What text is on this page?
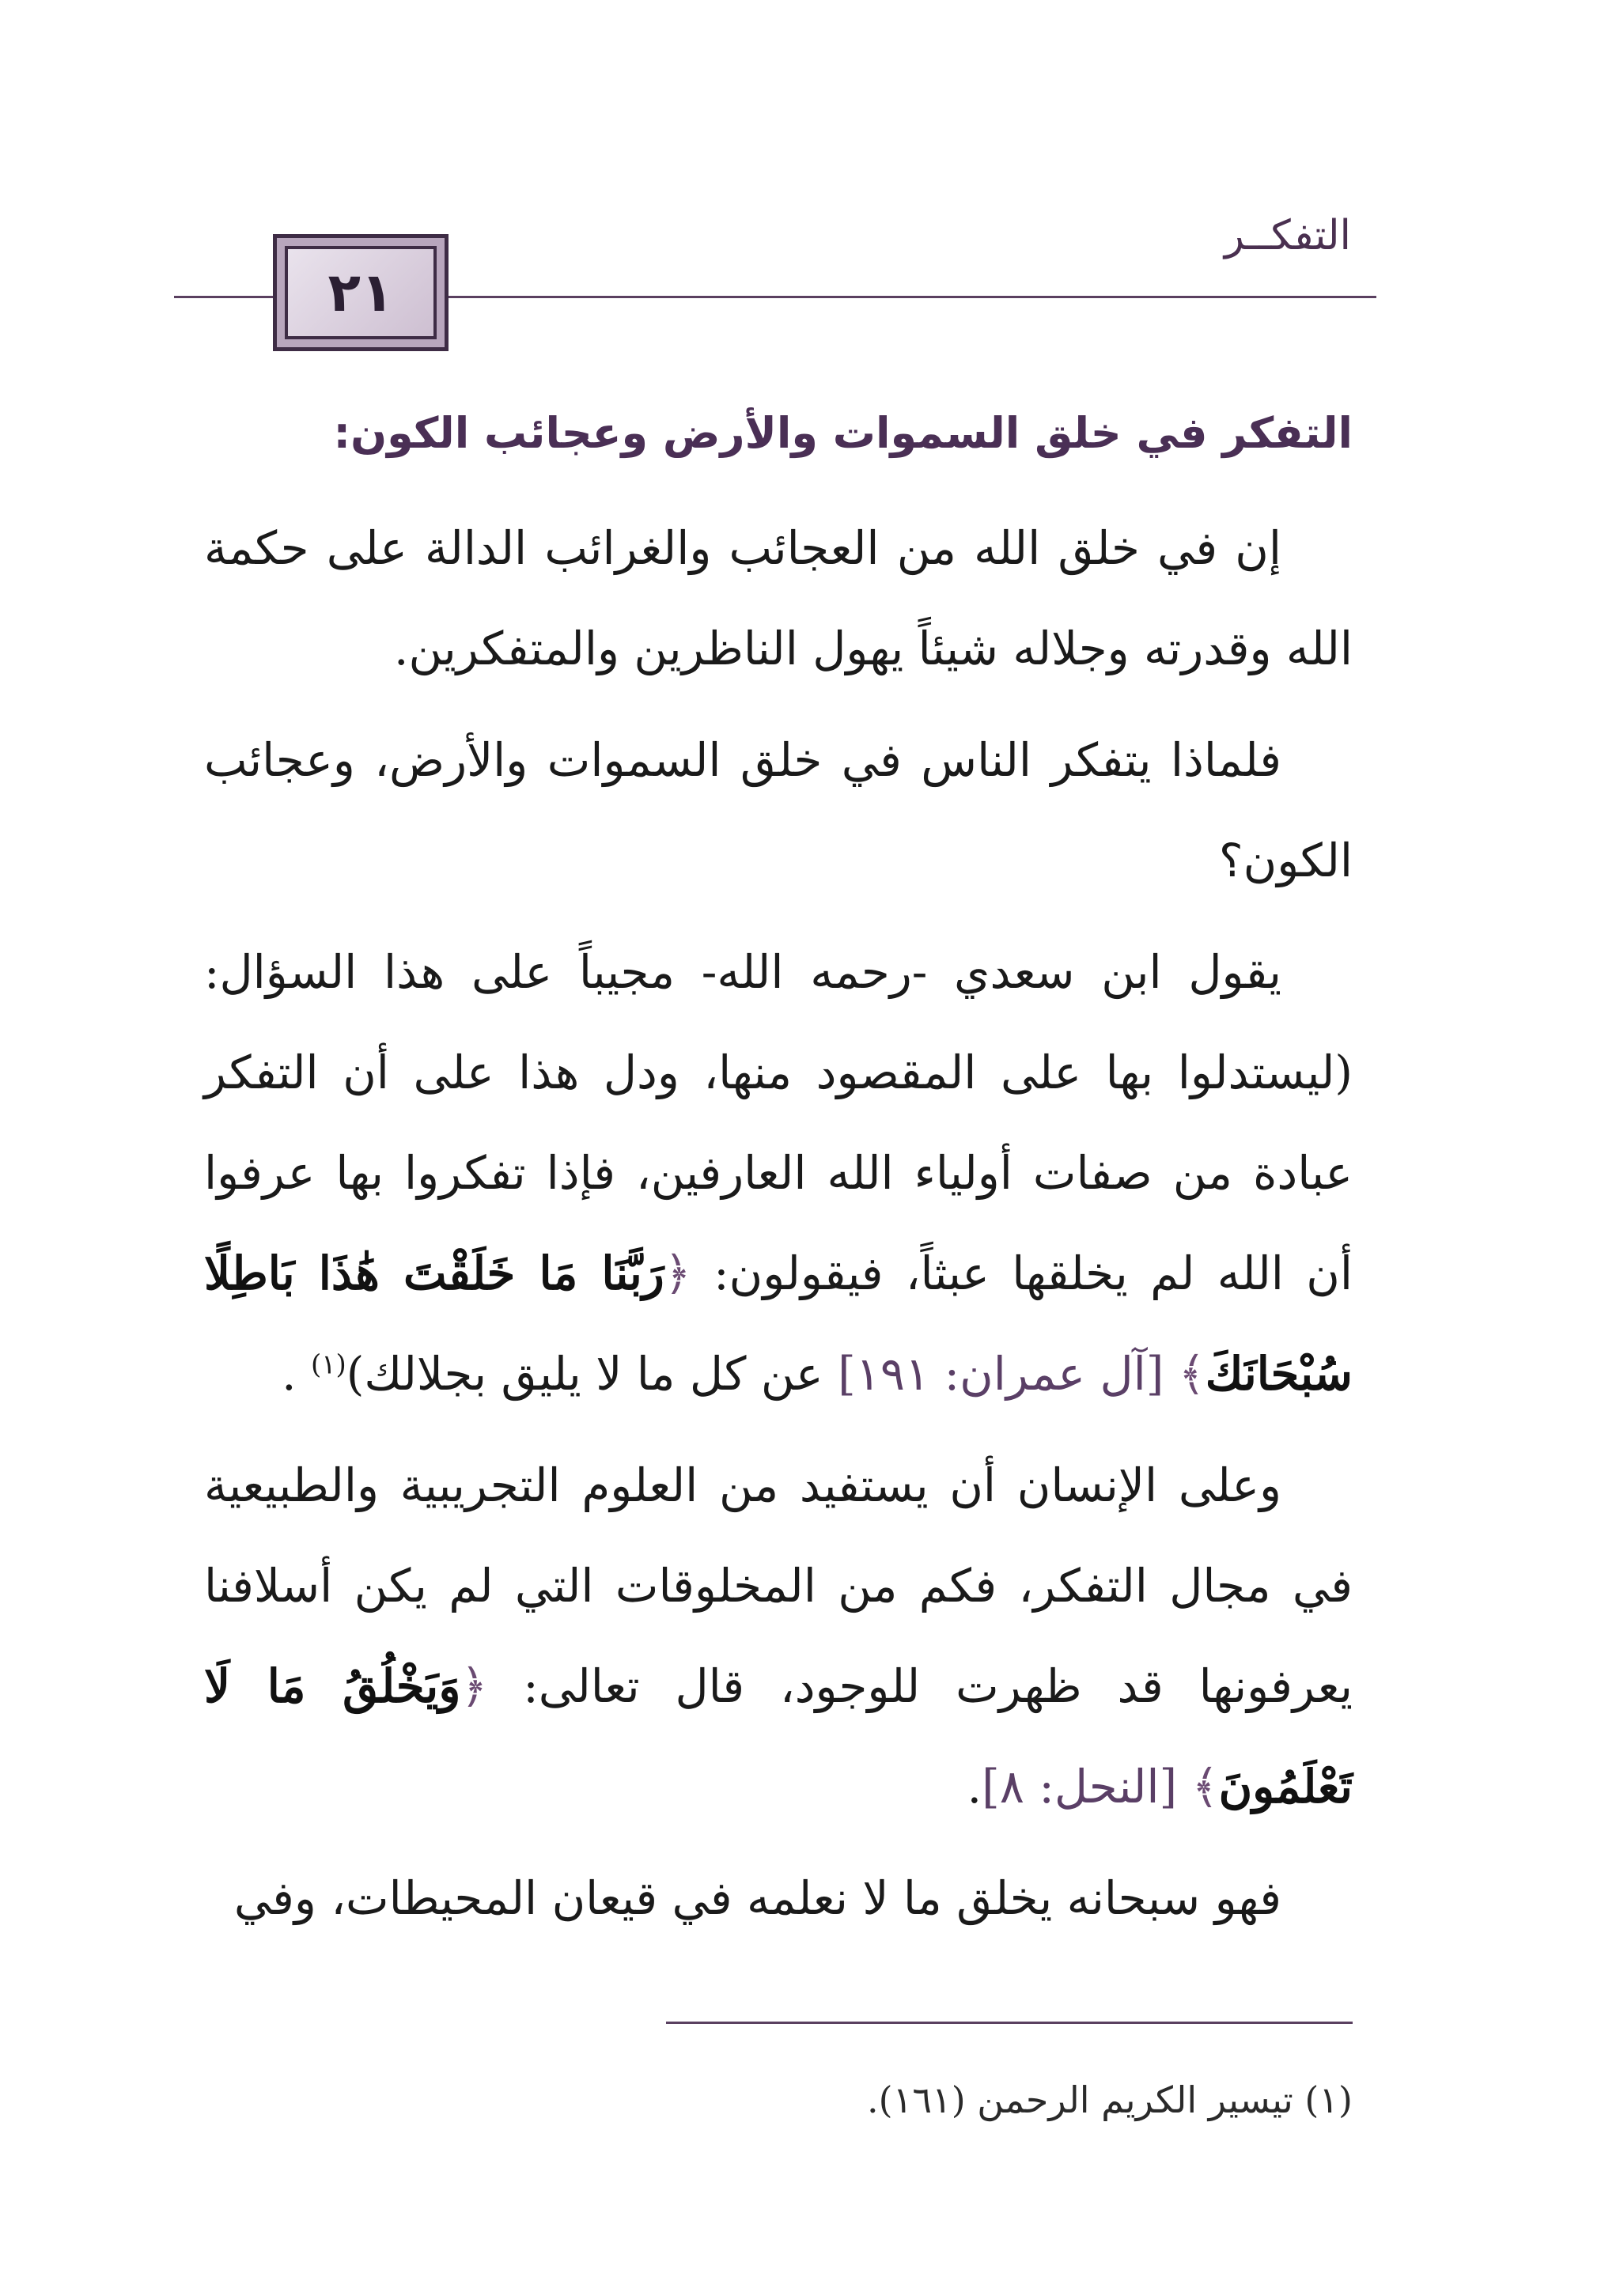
التفكــر
٢١
التفكر في خلق السموات والأرض وعجائب الكون:

إن في خلق الله من العجائب والغرائب الدالة على حكمة الله وقدرته وجلاله شيئاً يهول الناظرين والمتفكرين.

فلماذا يتفكر الناس في خلق السموات والأرض، وعجائب الكون؟

يقول ابن سعدي -رحمه الله- مجيباً على هذا السؤال: (ليستدلوا بها على المقصود منها، ودل هذا على أن التفكر عبادة من صفات أولياء الله العارفين، فإذا تفكروا بها عرفوا أن الله لم يخلقها عبثاً، فيقولون: ﴿رَبَّنَا مَا خَلَقْتَ هَٰذَا بَاطِلًا سُبْحَانَكَ﴾ [آل عمران: ١٩١] عن كل ما لا يليق بجلالك)$^{(١)}$ .

وعلى الإنسان أن يستفيد من العلوم التجريبية والطبيعية في مجال التفكر، فكم من المخلوقات التي لم يكن أسلافنا يعرفونها قد ظهرت للوجود، قال تعالى: ﴿وَيَخْلُقُ مَا لَا تَعْلَمُونَ﴾ [النحل: ٨].

فهو سبحانه يخلق ما لا نعلمه في قيعان المحيطات، وفي

(١) تيسير الكريم الرحمن (١٦١).
